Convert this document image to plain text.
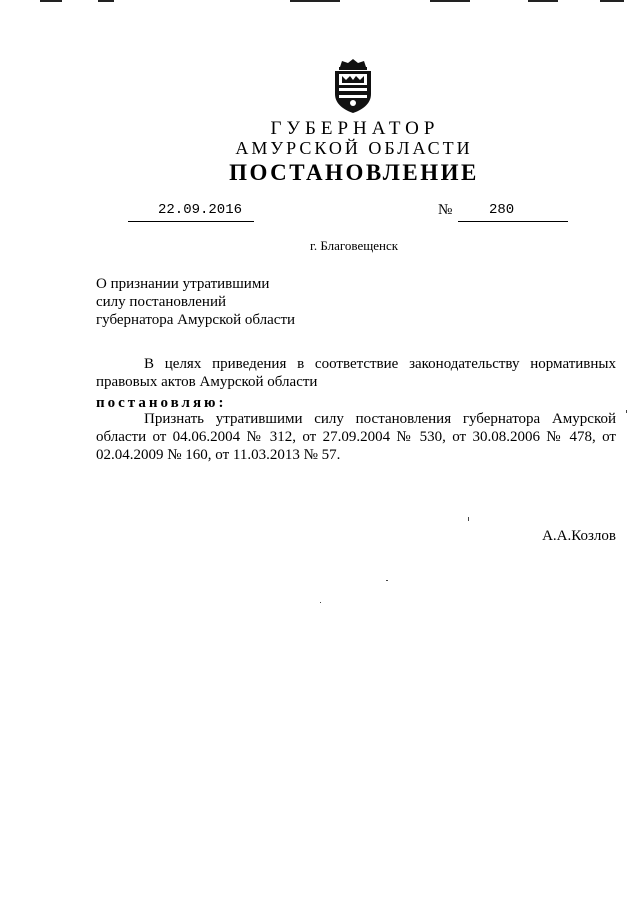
ГУБЕРНАТОР
АМУРСКОЙ ОБЛАСТИ
ПОСТАНОВЛЕНИЕ
22.09.2016	№	280
г. Благовещенск
О признании утратившими
силу постановлений
губернатора Амурской области
В целях приведения в соответствие законодательству нормативных
правовых актов Амурской области
постановляю:
Признать утратившими силу постановления губернатора Амурской
области от 04.06.2004 № 312, от 27.09.2004 № 530, от 30.08.2006 № 478, от
02.04.2009 № 160, от 11.03.2013 № 57.
А.А.Козлов
